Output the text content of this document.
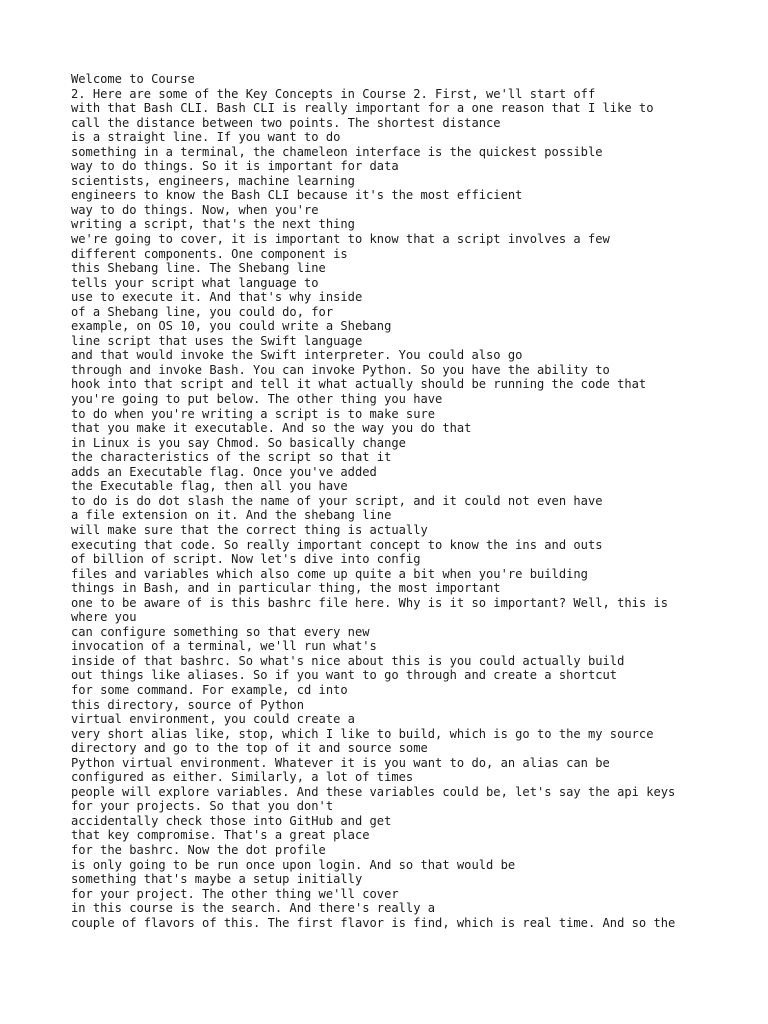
Welcome to Course
2. Here are some of the Key Concepts in Course 2. First, we'll start off
with that Bash CLI. Bash CLI is really important for a one reason that I like to
call the distance between two points. The shortest distance
is a straight line. If you want to do
something in a terminal, the chameleon interface is the quickest possible
way to do things. So it is important for data
scientists, engineers, machine learning
engineers to know the Bash CLI because it's the most efficient
way to do things. Now, when you're
writing a script, that's the next thing
we're going to cover, it is important to know that a script involves a few
different components. One component is
this Shebang line. The Shebang line
tells your script what language to
use to execute it. And that's why inside
of a Shebang line, you could do, for
example, on OS 10, you could write a Shebang
line script that uses the Swift language
and that would invoke the Swift interpreter. You could also go
through and invoke Bash. You can invoke Python. So you have the ability to
hook into that script and tell it what actually should be running the code that
you're going to put below. The other thing you have
to do when you're writing a script is to make sure
that you make it executable. And so the way you do that
in Linux is you say Chmod. So basically change
the characteristics of the script so that it
adds an Executable flag. Once you've added
the Executable flag, then all you have
to do is do dot slash the name of your script, and it could not even have
a file extension on it. And the shebang line
will make sure that the correct thing is actually
executing that code. So really important concept to know the ins and outs
of billion of script. Now let's dive into config
files and variables which also come up quite a bit when you're building
things in Bash, and in particular thing, the most important
one to be aware of is this bashrc file here. Why is it so important? Well, this is
where you
can configure something so that every new
invocation of a terminal, we'll run what's
inside of that bashrc. So what's nice about this is you could actually build
out things like aliases. So if you want to go through and create a shortcut
for some command. For example, cd into
this directory, source of Python
virtual environment, you could create a
very short alias like, stop, which I like to build, which is go to the my source
directory and go to the top of it and source some
Python virtual environment. Whatever it is you want to do, an alias can be
configured as either. Similarly, a lot of times
people will explore variables. And these variables could be, let's say the api keys
for your projects. So that you don't
accidentally check those into GitHub and get
that key compromise. That's a great place
for the bashrc. Now the dot profile
is only going to be run once upon login. And so that would be
something that's maybe a setup initially
for your project. The other thing we'll cover
in this course is the search. And there's really a
couple of flavors of this. The first flavor is find, which is real time. And so the
